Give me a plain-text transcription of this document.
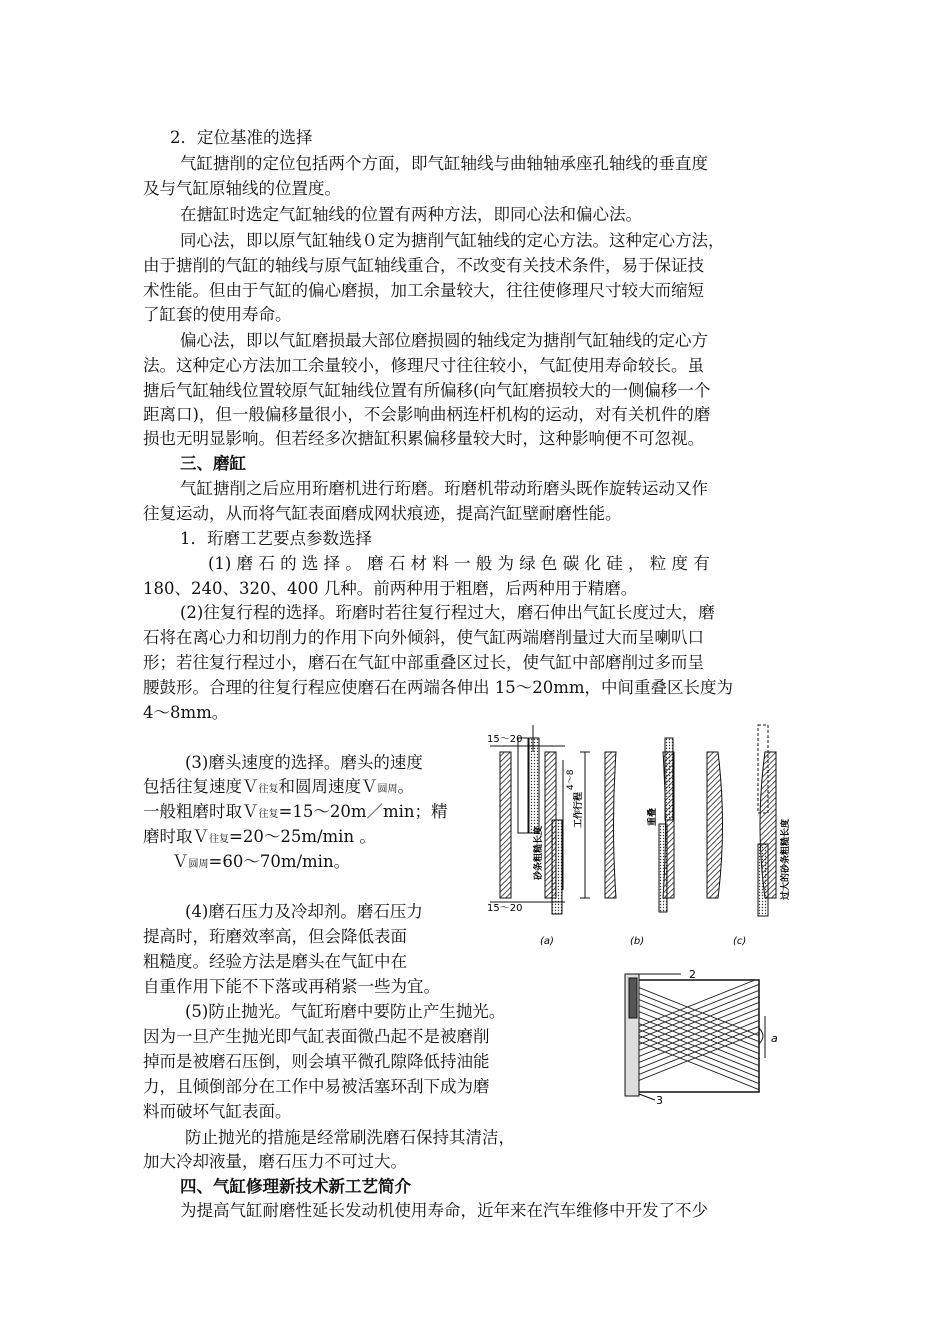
2．定位基准的选择
气缸搪削的定位包括两个方面，即气缸轴线与曲轴轴承座孔轴线的垂直度
及与气缸原轴线的位置度。
在搪缸时选定气缸轴线的位置有两种方法，即同心法和偏心法。
同心法，即以原气缸轴线０定为搪削气缸轴线的定心方法。这种定心方法，
由于搪削的气缸的轴线与原气缸轴线重合，不改变有关技术条件，易于保证技
术性能。但由于气缸的偏心磨损，加工余量较大，往往使修理尺寸较大而缩短
了缸套的使用寿命。
偏心法，即以气缸磨损最大部位磨损圆的轴线定为搪削气缸轴线的定心方
法。这种定心方法加工余量较小，修理尺寸往往较小，气缸使用寿命较长。虽
搪后气缸轴线位置较原气缸轴线位置有所偏移(向气缸磨损较大的一侧偏移一个
距离口)，但一般偏移量很小，不会影响曲柄连杆机构的运动，对有关机件的磨
损也无明显影响。但若经多次搪缸积累偏移量较大时，这种影响便不可忽视。
三、磨缸
气缸搪削之后应用珩磨机进行珩磨。珩磨机带动珩磨头既作旋转运动又作
往复运动，从而将气缸表面磨成网状痕迹，提高汽缸壁耐磨性能。
1．珩磨工艺要点参数选择
(1) 磨 石 的 选 择 。 磨 石 材 料 一 般 为 绿 色 碳 化 硅 ， 粒 度 有
180、240、320、400 几种。前两种用于粗磨，后两种用于精磨。
(2)往复行程的选择。珩磨时若往复行程过大，磨石伸出气缸长度过大，磨
石将在离心力和切削力的作用下向外倾斜，使气缸两端磨削量过大而呈喇叭口
形；若往复行程过小，磨石在气缸中部重叠区过长，使气缸中部磨削过多而呈
腰鼓形。合理的往复行程应使磨石在两端各伸出 15～20mm，中间重叠区长度为
4～8mm。
(3)磨头速度的选择。磨头的速度
包括往复速度Ｖ往复和圆周速度Ｖ圆周。
一般粗磨时取Ｖ往复=15～20m／min；精
磨时取Ｖ往复=20～25m/min 。
Ｖ圆周=60～70m/min。
(4)磨石压力及冷却剂。磨石压力
提高时，珩磨效率高，但会降低表面
粗糙度。经验方法是磨头在气缸中在
自重作用下能不下落或再稍紧一些为宜。
(5)防止抛光。气缸珩磨中要防止产生抛光。
因为一旦产生抛光即气缸表面微凸起不是被磨削
掉而是被磨石压倒，则会填平微孔隙降低持油能
力，且倾倒部分在工作中易被活塞环刮下成为磨
料而破坏气缸表面。
防止抛光的措施是经常刷洗磨石保持其清洁，
加大冷却液量，磨石压力不可过大。
四、气缸修理新技术新工艺简介
为提高气缸耐磨性延长发动机使用寿命，近年来在汽车维修中开发了不少
15～20
15～20
砂条粗糙长度
4～8
工作行程
(a)
重叠
(b)
过大的砂条粗糙长度
(c)
2
3
a
